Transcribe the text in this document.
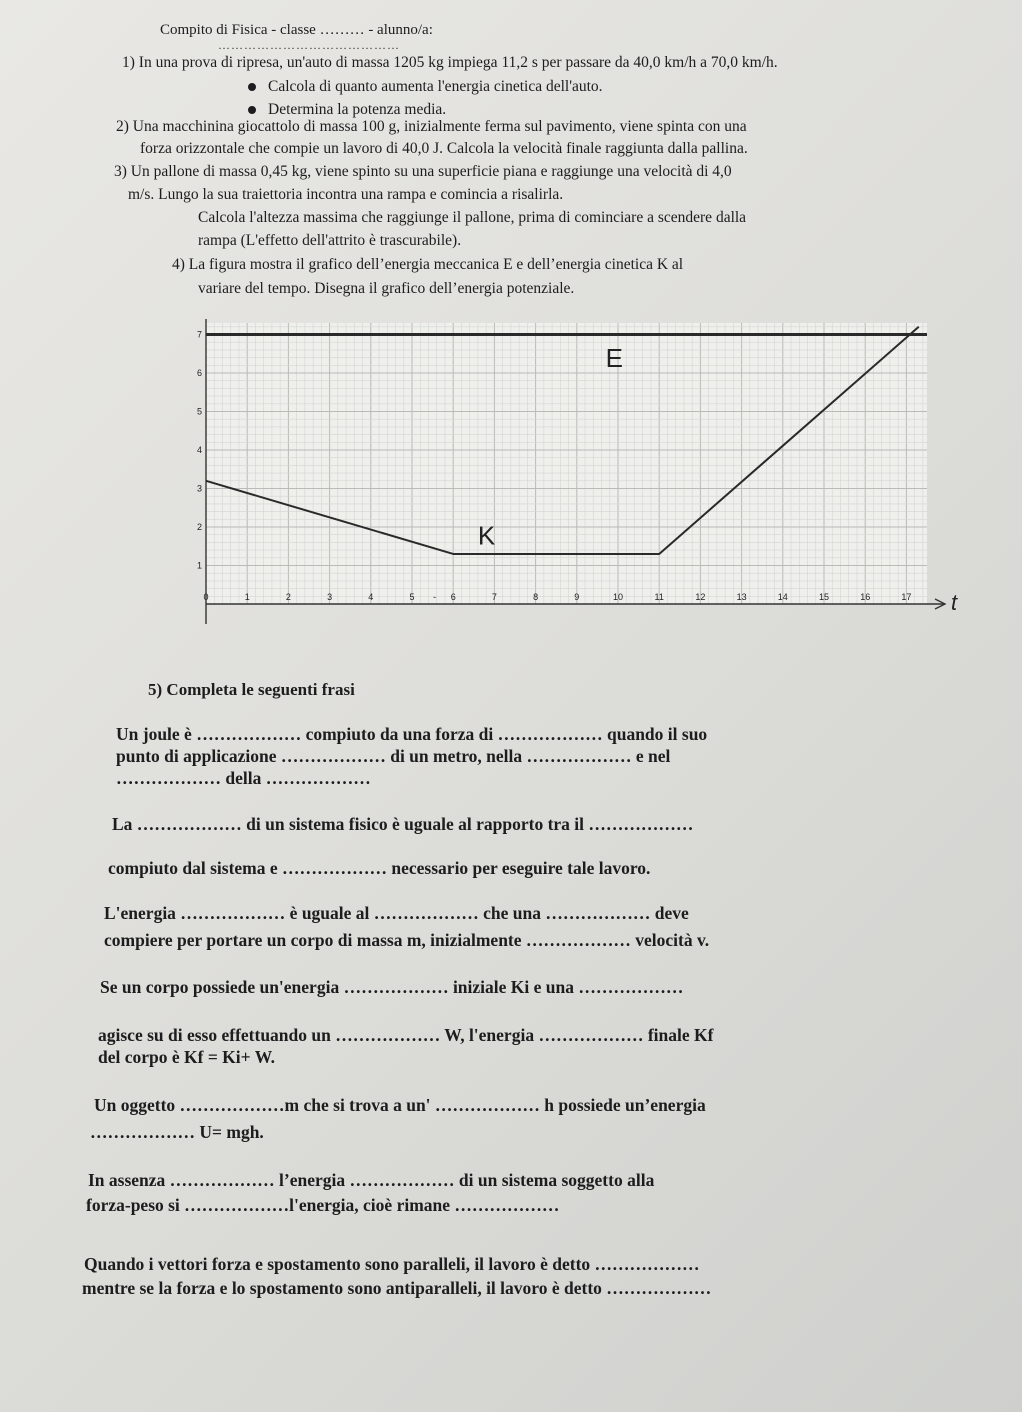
Compito di Fisica - classe ……… - alunno/a:
……………………………………
1) In una prova di ripresa, un'auto di massa 1205 kg impiega 11,2 s per passare da 40,0 km/h a 70,0 km/h.
Calcola di quanto aumenta l'energia cinetica dell'auto.
Determina la potenza media.
2) Una macchinina giocattolo di massa 100 g, inizialmente ferma sul pavimento, viene spinta con una
forza orizzontale che compie un lavoro di 40,0 J. Calcola la velocità finale raggiunta dalla pallina.
3) Un pallone di massa 0,45 kg, viene spinto su una superficie piana e raggiunge una velocità di 4,0
m/s. Lungo la sua traiettoria incontra una rampa e comincia a risalirla.
Calcola l'altezza massima che raggiunge il pallone, prima di cominciare a scendere dalla
rampa (L'effetto dell'attrito è trascurabile).
4) La figura mostra il grafico dell’energia meccanica E e dell’energia cinetica K al
variare del tempo. Disegna il grafico dell’energia potenziale.
0	1	2	3	4	5	6	7	8	9	10	11	12	13	14	15	16	17
-
1
2
3
4
5
6
7
t
E
K
5) Completa le seguenti frasi
Un joule è ……………… compiuto da una forza di ……………… quando il suo
punto di applicazione ……………… di un metro, nella ……………… e nel
……………… della ………………
La ……………… di un sistema fisico è uguale al rapporto tra il ………………
compiuto dal sistema e ……………… necessario per eseguire tale lavoro.
L'energia ……………… è uguale al ……………… che una ……………… deve
compiere per portare un corpo di massa m, inizialmente ……………… velocità v.
Se un corpo possiede un'energia ……………… iniziale Ki e una ………………
agisce su di esso effettuando un ……………… W, l'energia ……………… finale Kf
del corpo è Kf = Ki+ W.
Un oggetto ………………m che si trova a un' ……………… h possiede un’energia
……………… U= mgh.
In assenza ……………… l’energia ……………… di un sistema soggetto alla
forza-peso si ………………l'energia, cioè rimane ………………
Quando i vettori forza e spostamento sono paralleli, il lavoro è detto ………………
mentre se la forza e lo spostamento sono antiparalleli, il lavoro è detto ………………
